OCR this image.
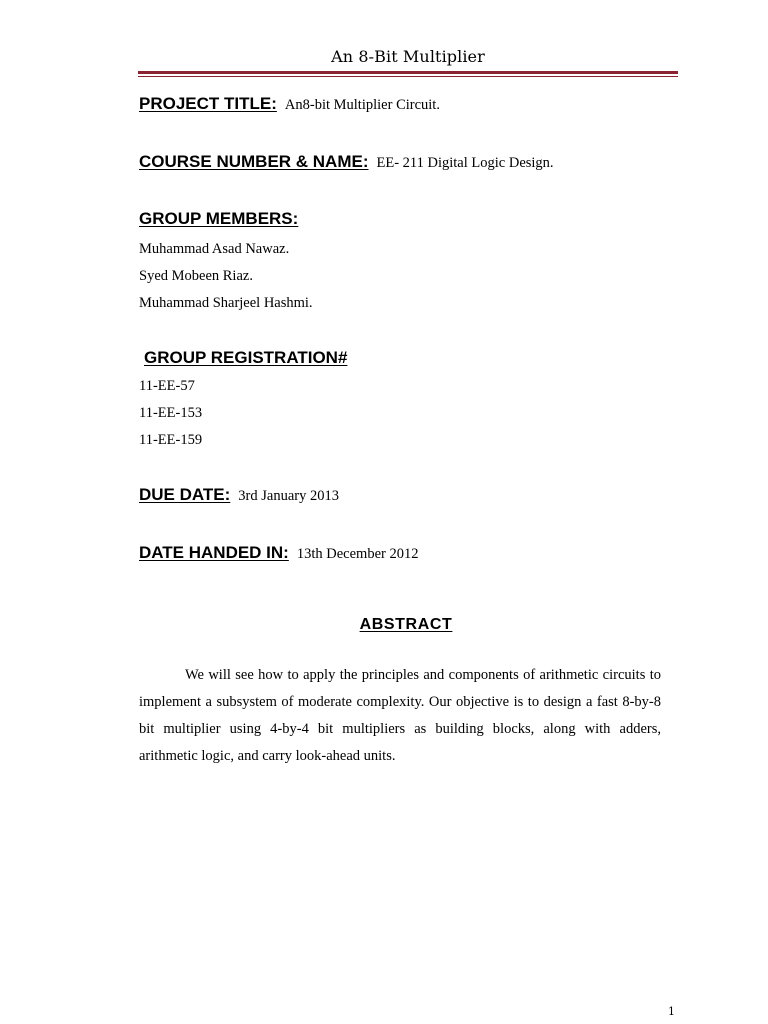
An 8-Bit Multiplier
PROJECT TITLE: An8-bit Multiplier Circuit.
COURSE NUMBER & NAME: EE- 211 Digital Logic Design.
GROUP MEMBERS:
Muhammad Asad Nawaz.
Syed Mobeen Riaz.
Muhammad Sharjeel Hashmi.
GROUP REGISTRATION#
11-EE-57
11-EE-153
11-EE-159
DUE DATE: 3rd January 2013
DATE HANDED IN: 13th December 2012
ABSTRACT

We will see how to apply the principles and components of arithmetic circuits to implement a subsystem of moderate complexity. Our objective is to design a fast 8-by-8 bit multiplier using 4-by-4 bit multipliers as building blocks, along with adders, arithmetic logic, and carry look-ahead units.

1
